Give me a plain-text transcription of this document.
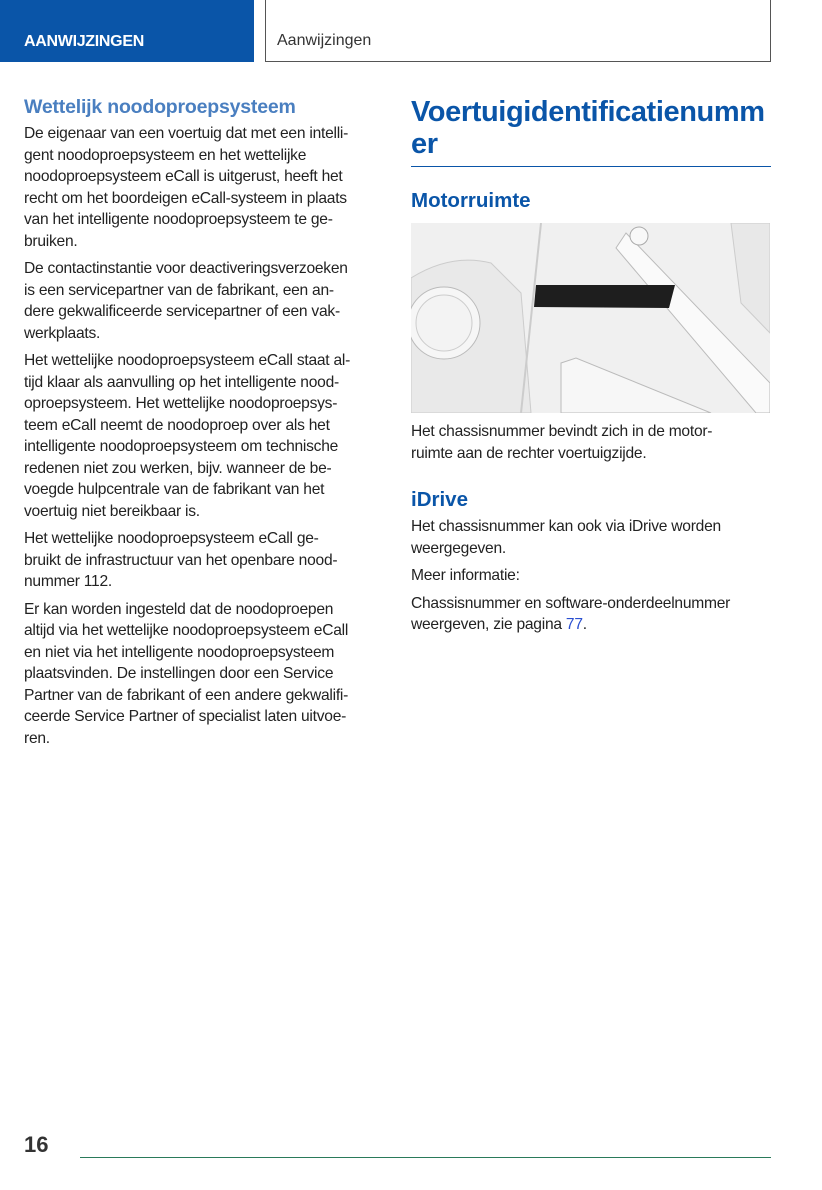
AANWIJZINGEN	Aanwijzingen
Wettelijk noodoproepsysteem

De eigenaar van een voertuig dat met een intelli-
gent noodoproepsysteem en het wettelijke
noodoproepsysteem eCall is uitgerust, heeft het
recht om het boordeigen eCall-systeem in plaats
van het intelligente noodoproepsysteem te ge-
bruiken.

De contactinstantie voor deactiveringsverzoeken
is een servicepartner van de fabrikant, een an-
dere gekwalificeerde servicepartner of een vak-
werkplaats.

Het wettelijke noodoproepsysteem eCall staat al-
tijd klaar als aanvulling op het intelligente nood-
oproepsysteem. Het wettelijke noodoproepsys-
teem eCall neemt de noodoproep over als het
intelligente noodoproepsysteem om technische
redenen niet zou werken, bijv. wanneer de be-
voegde hulpcentrale van de fabrikant van het
voertuig niet bereikbaar is.

Het wettelijke noodoproepsysteem eCall ge-
bruikt de infrastructuur van het openbare nood-
nummer 112.

Er kan worden ingesteld dat de noodoproepen
altijd via het wettelijke noodoproepsysteem eCall
en niet via het intelligente noodoproepsysteem
plaatsvinden. De instellingen door een Service
Partner van de fabrikant of een andere gekwalifi-
ceerde Service Partner of specialist laten uitvoe-
ren.

Voertuigidentificatienumm
er
Motorruimte

Het chassisnummer bevindt zich in de motor-
ruimte aan de rechter voertuigzijde.

iDrive

Het chassisnummer kan ook via iDrive worden
weergegeven.

Meer informatie:

Chassisnummer en software-onderdeelnummer
weergeven, zie pagina 77.

16
